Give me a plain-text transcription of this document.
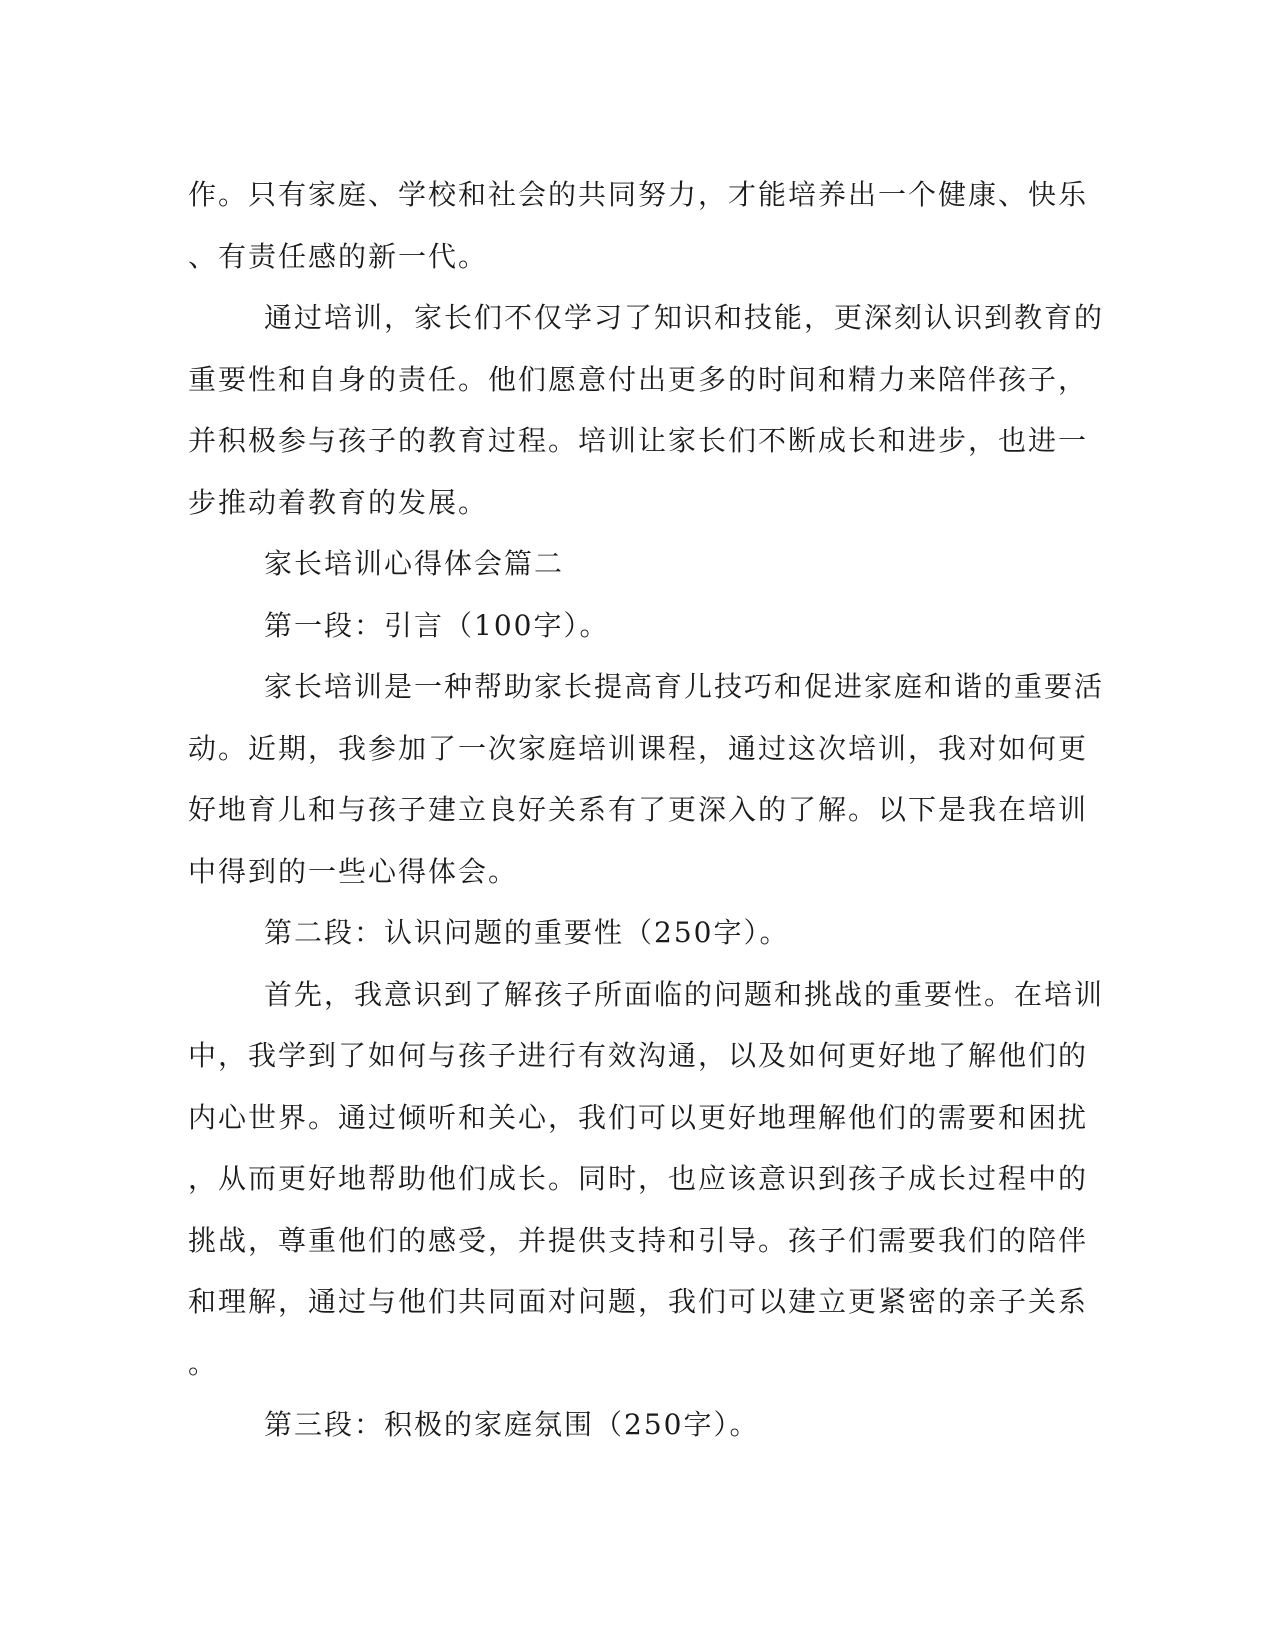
作。只有家庭、学校和社会的共同努力，才能培养出一个健康、快乐
、有责任感的新一代。
通过培训，家长们不仅学习了知识和技能，更深刻认识到教育的
重要性和自身的责任。他们愿意付出更多的时间和精力来陪伴孩子，
并积极参与孩子的教育过程。培训让家长们不断成长和进步，也进一
步推动着教育的发展。
家长培训心得体会篇二
第一段：引言（100字）。
家长培训是一种帮助家长提高育儿技巧和促进家庭和谐的重要活
动。近期，我参加了一次家庭培训课程，通过这次培训，我对如何更
好地育儿和与孩子建立良好关系有了更深入的了解。以下是我在培训
中得到的一些心得体会。
第二段：认识问题的重要性（250字）。
首先，我意识到了解孩子所面临的问题和挑战的重要性。在培训
中，我学到了如何与孩子进行有效沟通，以及如何更好地了解他们的
内心世界。通过倾听和关心，我们可以更好地理解他们的需要和困扰
，从而更好地帮助他们成长。同时，也应该意识到孩子成长过程中的
挑战，尊重他们的感受，并提供支持和引导。孩子们需要我们的陪伴
和理解，通过与他们共同面对问题，我们可以建立更紧密的亲子关系
。
第三段：积极的家庭氛围（250字）。
